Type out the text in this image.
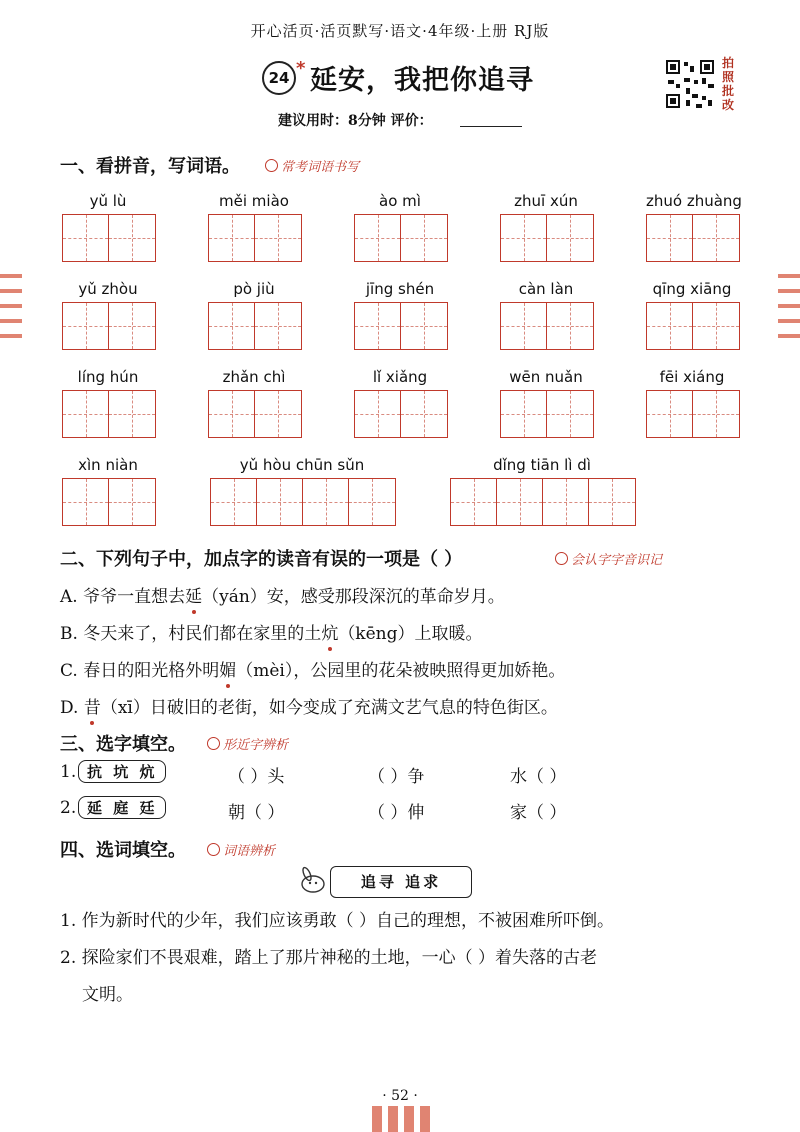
开心活页·活页默写·语文·4年级·上册 RJ版
24 * 延安，我把你追寻
拍照批改
建议用时：8分钟 评价：
一、看拼音，写词语。	常考词语书写
yǔ lù	měi miào	ào mì	zhuī xún	zhuó zhuàng
yǔ zhòu	pò jiù	jīng shén	càn làn	qīng xiāng
líng hún	zhǎn chì	lǐ xiǎng	wēn nuǎn	fēi xiáng
xìn niàn	yǔ hòu chūn sǔn	dǐng tiān lì dì
二、下列句子中，加点字的读音有误的一项是（ ）	会认字字音识记
A. 爷爷一直想去延（yán）安，感受那段深沉的革命岁月。
B. 冬天来了，村民们都在家里的土炕（kēng）上取暖。
C. 春日的阳光格外明媚（mèi），公园里的花朵被映照得更加娇艳。
D. 昔（xī）日破旧的老街，如今变成了充满文艺气息的特色街区。
三、选字填空。	形近字辨析
1. 抗 坑 炕	（ ）头	（ ）争	水（ ）
2. 延 庭 廷	朝（ ）	（ ）伸	家（ ）
四、选词填空。	词语辨析
追寻 追求
1. 作为新时代的少年，我们应该勇敢（ ）自己的理想，不被困难所吓倒。
2. 探险家们不畏艰难，踏上了那片神秘的土地，一心（ ）着失落的古老
文明。
· 52 ·
